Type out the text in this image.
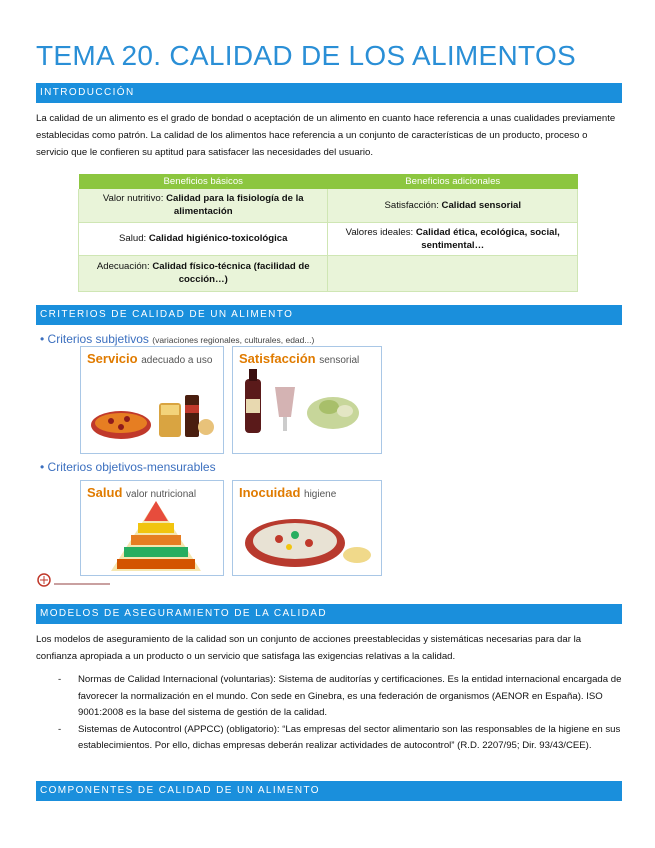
TEMA 20. CALIDAD DE LOS ALIMENTOS
INTRODUCCIÓN

La calidad de un alimento es el grado de bondad o aceptación de un alimento en cuanto hace referencia a unas cualidades previamente establecidas como patrón. La calidad de los alimentos hace referencia a un conjunto de características de un producto, proceso o servicio que le confieren su aptitud para satisfacer las necesidades del usuario.

Beneficios básicos	Beneficios adicionales
Valor nutritivo: Calidad para la fisiología de la alimentación	Satisfacción: Calidad sensorial
Salud: Calidad higiénico-toxicológica	Valores ideales: Calidad ética, ecológica, social, sentimental…
Adecuación: Calidad físico-técnica (facilidad de cocción…)	
CRITERIOS DE CALIDAD DE UN ALIMENTO
• Criterios subjetivos (variaciones regionales, culturales, edad...)
Servicio adecuado a uso Satisfacción sensorial
• Criterios objetivos-mensurables
Salud valor nutricional	Inocuidad higiene
MODELOS DE ASEGURAMIENTO DE LA CALIDAD

Los modelos de aseguramiento de la calidad son un conjunto de acciones preestablecidas y sistemáticas necesarias para dar la confianza apropiada a un producto o un servicio que satisfaga las exigencias relativas a la calidad.

- Normas de Calidad Internacional (voluntarias): Sistema de auditorías y certificaciones. Es la entidad internacional encargada de favorecer la normalización en el mundo. Con sede en Ginebra, es una federación de organismos (AENOR en España). ISO 9001:2008 es la base del sistema de gestión de la calidad.
- Sistemas de Autocontrol (APPCC) (obligatorio): “Las empresas del sector alimentario son las responsables de la higiene en sus establecimientos. Por ello, dichas empresas deberán realizar actividades de autocontrol” (R.D. 2207/95; Dir. 93/43/CEE).
COMPONENTES DE CALIDAD DE UN ALIMENTO
